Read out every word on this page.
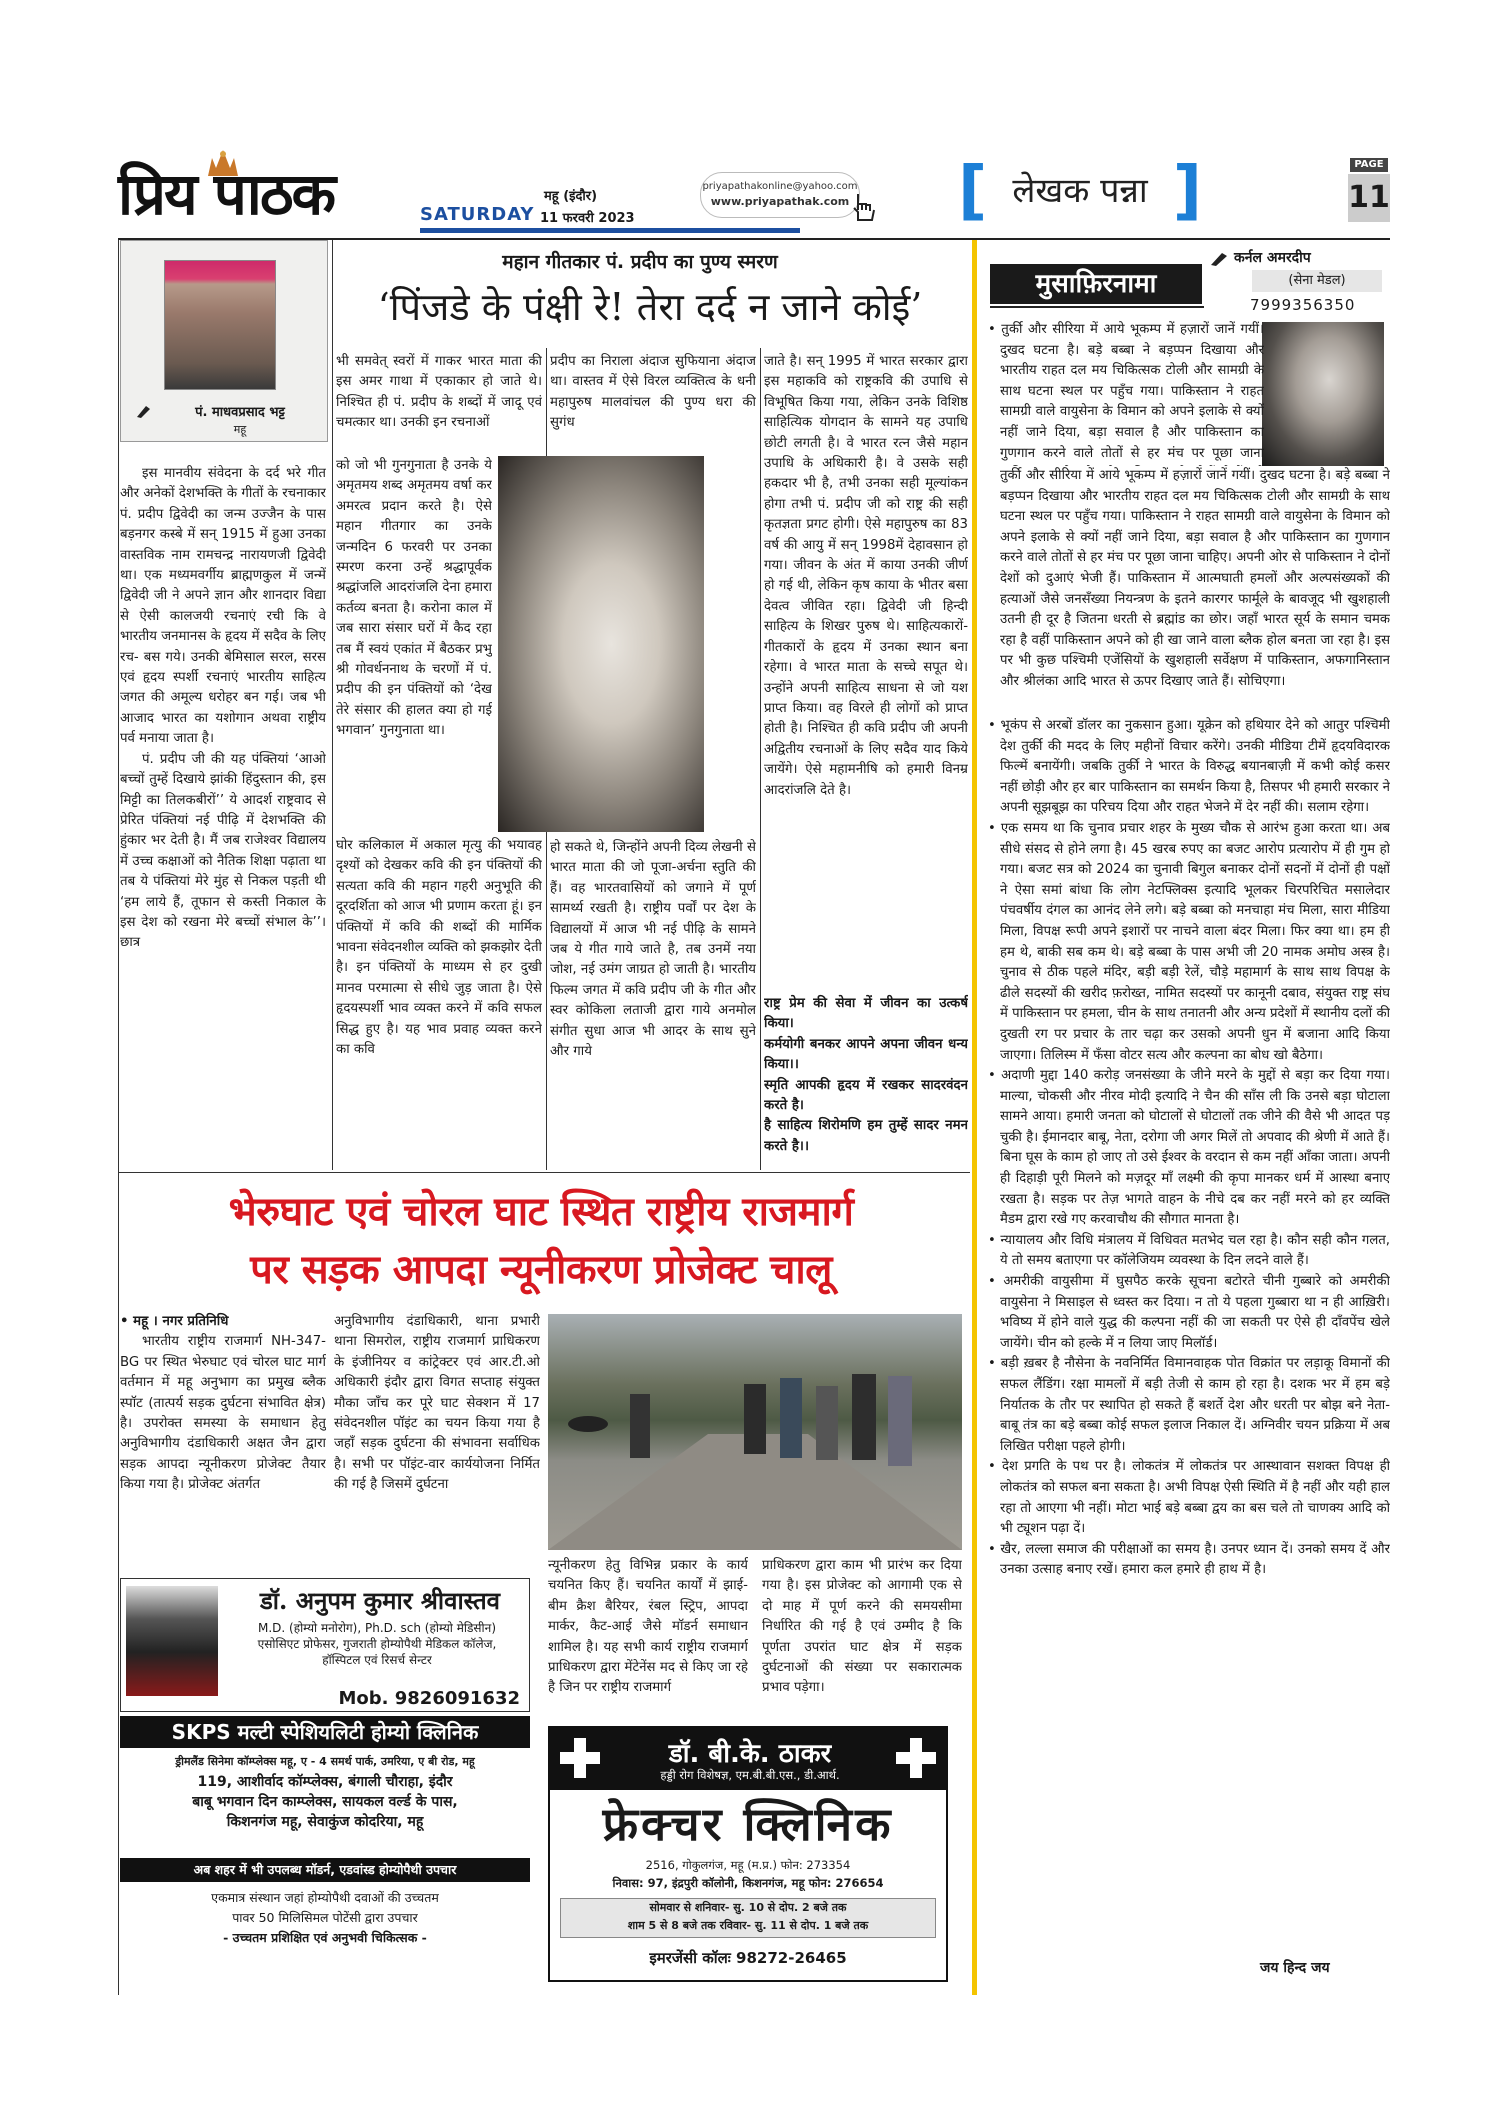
प्रिय पाठक	महू (इंदौर)
11 फरवरी 2023
SATURDAY
priyapathakonline@yahoo.com
www.priyapathak.com [ लेखक पन्ना ]	PAGE
11
पं. माधवप्रसाद भट्ट
महू
महान गीतकार पं. प्रदीप का पुण्य स्मरण
‘पिंजडे के पंक्षी रे! तेरा दर्द न जाने कोई’

इस मानवीय संवेदना के दर्द भरे गीत और अनेकों देशभक्ति के गीतों के रचनाकार पं. प्रदीप द्विवेदी का जन्म उज्जैन के पास बड़नगर कस्बे में सन् 1915 में हुआ उनका वास्तविक नाम रामचन्द्र नारायणजी द्विवेदी था। एक मध्यमवर्गीय ब्राह्मणकुल में जन्में द्विवेदी जी ने अपने ज्ञान और शानदार विद्या से ऐसी कालजयी रचनाएं रची कि वे भारतीय जनमानस के हृदय में सदैव के लिए रच- बस गये। उनकी बेमिसाल सरल, सरस एवं हृदय स्पर्शी रचनाएं भारतीय साहित्य जगत की अमूल्य धरोहर बन गई। जब भी आजाद भारत का यशोगान अथवा राष्ट्रीय पर्व मनाया जाता है।

पं. प्रदीप जी की यह पंक्तियां ‘आओ बच्चों तुम्हें दिखाये झांकी हिंदुस्तान की, इस मिट्टी का तिलकबीरों’’ ये आदर्श राष्ट्रवाद से प्रेरित पंक्तियां नई पीढ़ि में देशभक्ति की हुंकार भर देती है। मैं जब राजेश्वर विद्यालय में उच्च कक्षाओं को नैतिक शिक्षा पढ़ाता था तब ये पंक्तियां मेरे मुंह से निकल पड़ती थी ‘हम लाये हैं, तूफान से कस्ती निकाल के इस देश को रखना मेरे बच्चों संभाल के’’। छात्र

भी समवेत् स्वरों में गाकर भारत माता की इस अमर गाथा में एकाकार हो जाते थे। निश्चित ही पं. प्रदीप के शब्दों में जादू एवं चमत्कार था। उनकी इन रचनाओं
को जो भी गुनगुनाता है उनके ये अमृतमय शब्द अमृतमय वर्षा कर अमरत्व प्रदान करते है। ऐसे महान गीतगार का उनके जन्मदिन 6 फरवरी पर उनका स्मरण करना उन्हें श्रद्धापूर्वक श्रद्धांजलि आदरांजलि देना हमारा कर्तव्य बनता है। करोना काल में जब सारा संसार घरों में कैद रहा तब मैं स्वयं एकांत में बैठकर प्रभु श्री गोवर्धननाथ के चरणों में पं. प्रदीप की इन पंक्तियों को ‘देख तेरे संसार की हालत क्या हो गई भगवान’ गुनगुनाता था।
घोर कलिकाल में अकाल मृत्यु की भयावह दृश्यों को देखकर कवि की इन पंक्तियों की सत्यता कवि की महान गहरी अनुभूति की दूरदर्शिता को आज भी प्रणाम करता हूं। इन पंक्तियों में कवि की शब्दों की मार्मिक भावना संवेदनशील व्यक्ति को झकझोर देती है। इन पंक्तियों के माध्यम से हर दुखी मानव परमात्मा से सीधे जुड़ जाता है। ऐसे हृदयस्पर्शी भाव व्यक्त करने में कवि सफल सिद्ध हुए है। यह भाव प्रवाह व्यक्त करने का कवि
प्रदीप का निराला अंदाज सुफियाना अंदाज था। वास्तव में ऐसे विरल व्यक्तित्व के धनी महापुरुष मालवांचल की पुण्य धरा की सुगंध
हो सकते थे, जिन्होंने अपनी दिव्य लेखनी से भारत माता की जो पूजा-अर्चना स्तुति की हैं। वह भारतवासियों को जगाने में पूर्ण सामर्थ्य रखती है। राष्ट्रीय पर्वों पर देश के विद्यालयों में आज भी नई पीढ़ि के सामने जब ये गीत गाये जाते है, तब उनमें नया जोश, नई उमंग जाग्रत हो जाती है। भारतीय फिल्म जगत में कवि प्रदीप जी के गीत और स्वर कोकिला लताजी द्वारा गाये अनमोल संगीत सुधा आज भी आदर के साथ सुने और गाये
जाते है। सन् 1995 में भारत सरकार द्वारा इस महाकवि को राष्ट्रकवि की उपाधि से विभूषित किया गया, लेकिन उनके विशिष्ठ साहित्यिक योगदान के सामने यह उपाधि छोटी लगती है। वे भारत रत्न जैसे महान उपाधि के अधिकारी है। वे उसके सही हकदार भी है, तभी उनका सही मूल्यांकन होगा तभी पं. प्रदीप जी को राष्ट्र की सही कृतज्ञता प्रगट होगी। ऐसे महापुरुष का 83 वर्ष की आयु में सन् 1998में देहावसान हो गया। जीवन के अंत में काया उनकी जीर्ण हो गई थी, लेकिन कृष काया के भीतर बसा देवत्व जीवित रहा। द्विवेदी जी हिन्दी साहित्य के शिखर पुरुष थे। साहित्यकारों- गीतकारों के हृदय में उनका स्थान बना रहेगा। वे भारत माता के सच्चे सपूत थे। उन्होंने अपनी साहित्य साधना से जो यश प्राप्त किया। वह विरले ही लोगों को प्राप्त होती है। निश्चित ही कवि प्रदीप जी अपनी अद्वितीय रचनाओं के लिए सदैव याद किये जायेंगे। ऐसे महामनीषि को हमारी विनम्र आदरांजलि देते है।

राष्ट्र प्रेम की सेवा में जीवन का उत्कर्ष किया।

कर्मयोगी बनकर आपने अपना जीवन धन्य किया।।

स्मृति आपकी हृदय में रखकर सादरवंदन करते है।

है साहित्य शिरोमणि हम तुम्हें सादर नमन करते है।।

भेरुघाट एवं चोरल घाट स्थित राष्ट्रीय राजमार्ग
पर सड़क आपदा न्यूनीकरण प्रोजेक्ट चालू

• महू । नगर प्रतिनिधि

भारतीय राष्ट्रीय राजमार्ग NH-347-BG पर स्थित भेरुघाट एवं चोरल घाट मार्ग वर्तमान में महू अनुभाग का प्रमुख ब्लैक स्पॉट (तात्पर्य सड़क दुर्घटना संभावित क्षेत्र) है। उपरोक्त समस्या के समाधान हेतु अनुविभागीय दंडाधिकारी अक्षत जैन द्वारा सड़क आपदा न्यूनीकरण प्रोजेक्ट तैयार किया गया है। प्रोजेक्ट अंतर्गत

अनुविभागीय दंडाधिकारी, थाना प्रभारी थाना सिमरोल, राष्ट्रीय राजमार्ग प्राधिकरण के इंजीनियर व कांट्रेक्टर एवं आर.टी.ओ अधिकारी इंदौर द्वारा विगत सप्ताह संयुक्त मौका जाँच कर पूरे घाट सेक्शन में 17 संवेदनशील पॉइंट का चयन किया गया है जहाँ सड़क दुर्घटना की संभावना सर्वाधिक है। सभी पर पॉइंट-वार कार्ययोजना निर्मित की गई है जिसमें दुर्घटना
न्यूनीकरण हेतु विभिन्न प्रकार के कार्य चयनित किए हैं। चयनित कार्यों में झाई-बीम क्रैश बैरियर, रंबल स्ट्रिप, आपदा मार्कर, कैट-आई जैसे मॉडर्न समाधान शामिल है। यह सभी कार्य राष्ट्रीय राजमार्ग प्राधिकरण द्वारा मेंटेनेंस मद से किए जा रहे है जिन पर राष्ट्रीय राजमार्ग
प्राधिकरण द्वारा काम भी प्रारंभ कर दिया गया है। इस प्रोजेक्ट को आगामी एक से दो माह में पूर्ण करने की समयसीमा निर्धारित की गई है एवं उम्मीद है कि पूर्णता उपरांत घाट क्षेत्र में सड़क दुर्घटनाओं की संख्या पर सकारात्मक प्रभाव पड़ेगा।
डॉ. अनुपम कुमार श्रीवास्तव
M.D. (होम्यो मनोरोग), Ph.D. sch (होम्यो मेडिसीन)
एसोसिएट प्रोफेसर, गुजराती होम्योपैथी मेडिकल कॉलेज, हॉस्पिटल एवं रिसर्च सेन्टर
Mob. 9826091632
SKPS मल्टी स्पेशियलिटी होम्यो क्लिनिक
ड्रीमलैंड सिनेमा कॉम्प्लेक्स महू, ए - 4 समर्थ पार्क, उमरिया, ए बी रोड, महू
119, आशीर्वाद कॉम्प्लेक्स, बंगाली चौराहा, इंदौर
बाबू भगवान दिन काम्प्लेक्स, सायकल वर्ल्ड के पास,
किशनगंज महू, सेवाकुंज कोदरिया, महू
अब शहर में भी उपलब्ध मॉडर्न, एडवांस्ड होम्योपैथी उपचार
एकमात्र संस्थान जहां होम्योपैथी दवाओं की उच्चतम
पावर 50 मिलिसिमल पोटेंसी द्वारा उपचार
- उच्चतम प्रशिक्षित एवं अनुभवी चिकित्सक -
डॉ. बी.के. ठाकर
हड्डी रोग विशेषज्ञ, एम.बी.बी.एस., डी.आर्थ.
फ्रेक्चर क्लिनिक
2516, गोकुलगंज, महू (म.प्र.) फोन: 273354
निवास: 97, इंद्रपुरी कॉलोनी, किशनगंज, महू फोन: 276654
सोमवार से शनिवार- सु. 10 से दोप. 2 बजे तक
शाम 5 से 8 बजे तक रविवार- सु. 11 से दोप. 1 बजे तक
इमरजेंसी कॉलः 98272-26465
मुसाफ़िरनामा
कर्नल अमरदीप
(सेना मेडल)
7999356350
• तुर्की और सीरिया में आये भूकम्प में हज़ारों जानें गयीं। दुखद घटना है। बड़े बब्बा ने बड़प्पन दिखाया और भारतीय राहत दल मय चिकित्सक टोली और सामग्री के साथ घटना स्थल पर पहुँच गया। पाकिस्तान ने राहत सामग्री वाले वायुसेना के विमान को अपने इलाके से क्यों नहीं जाने दिया, बड़ा सवाल है और पाकिस्तान का गुणगान करने वाले तोतों से हर मंच पर पूछा जाना
तुर्की और सीरिया में आये भूकम्प में हज़ारों जानें गयीं। दुखद घटना है। बड़े बब्बा ने बड़प्पन दिखाया और भारतीय राहत दल मय चिकित्सक टोली और सामग्री के साथ घटना स्थल पर पहुँच गया। पाकिस्तान ने राहत सामग्री वाले वायुसेना के विमान को अपने इलाके से क्यों नहीं जाने दिया, बड़ा सवाल है और पाकिस्तान का गुणगान करने वाले तोतों से हर मंच पर पूछा जाना चाहिए। अपनी ओर से पाकिस्तान ने दोनों देशों को दुआएं भेजी हैं। पाकिस्तान में आत्मघाती हमलों और अल्पसंख्यकों की हत्याओं जैसे जनसँख्या नियन्त्रण के इतने कारगर फार्मूले के बावजूद भी खुशहाली उतनी ही दूर है जितना धरती से ब्रह्मांड का छोर। जहाँ भारत सूर्य के समान चमक रहा है वहीं पाकिस्तान अपने को ही खा जाने वाला ब्लैक होल बनता जा रहा है। इस पर भी कुछ पश्चिमी एजेंसियों के खुशहाली सर्वेक्षण में पाकिस्तान, अफगानिस्तान और श्रीलंका आदि भारत से ऊपर दिखाए जाते हैं। सोचिएगा।
• भूकंप से अरबों डॉलर का नुकसान हुआ। यूक्रेन को हथियार देने को आतुर पश्चिमी देश तुर्की की मदद के लिए महीनों विचार करेंगे। उनकी मीडिया टीमें हृदयविदारक फिल्में बनायेंगी। जबकि तुर्की ने भारत के विरुद्ध बयानबाज़ी में कभी कोई कसर नहीं छोड़ी और हर बार पाकिस्तान का समर्थन किया है, तिसपर भी हमारी सरकार ने अपनी सूझबूझ का परिचय दिया और राहत भेजने में देर नहीं की। सलाम रहेगा।
• एक समय था कि चुनाव प्रचार शहर के मुख्य चौक से आरंभ हुआ करता था। अब सीधे संसद से होने लगा है। 45 खरब रुपए का बजट आरोप प्रत्यारोप में ही गुम हो गया। बजट सत्र को 2024 का चुनावी बिगुल बनाकर दोनों सदनों में दोनों ही पक्षों ने ऐसा समां बांधा कि लोग नेटफ्लिक्स इत्यादि भूलकर चिरपरिचित मसालेदार पंचवर्षीय दंगल का आनंद लेने लगे। बड़े बब्बा को मनचाहा मंच मिला, सारा मीडिया मिला, विपक्ष रूपी अपने इशारों पर नाचने वाला बंदर मिला। फिर क्या था। हम ही हम थे, बाकी सब कम थे। बड़े बब्बा के पास अभी जी 20 नामक अमोघ अस्त्र है। चुनाव से ठीक पहले मंदिर, बड़ी बड़ी रेलें, चौड़े महामार्ग के साथ साथ विपक्ष के ढीले सदस्यों की खरीद फ़रोख्त, नामित सदस्यों पर कानूनी दबाव, संयुक्त राष्ट्र संघ में पाकिस्तान पर हमला, चीन के साथ तनातनी और अन्य प्रदेशों में स्थानीय दलों की दुखती रग पर प्रचार के तार चढ़ा कर उसको अपनी धुन में बजाना आदि किया जाएगा। तिलिस्म में फँसा वोटर सत्य और कल्पना का बोध खो बैठेगा।
• अदाणी मुद्दा 140 करोड़ जनसंख्या के जीने मरने के मुद्दों से बड़ा कर दिया गया। माल्या, चोकसी और नीरव मोदी इत्यादि ने चैन की साँस ली कि उनसे बड़ा घोटाला सामने आया। हमारी जनता को घोटालों से घोटालों तक जीने की वैसे भी आदत पड़ चुकी है। ईमानदार बाबू, नेता, दरोगा जी अगर मिलें तो अपवाद की श्रेणी में आते हैं। बिना घूस के काम हो जाए तो उसे ईश्वर के वरदान से कम नहीं आँका जाता। अपनी ही दिहाड़ी पूरी मिलने को मज़दूर माँ लक्ष्मी की कृपा मानकर धर्म में आस्था बनाए रखता है। सड़क पर तेज़ भागते वाहन के नीचे दब कर नहीं मरने को हर व्यक्ति मैडम द्वारा रखे गए करवाचौथ की सौगात मानता है।
• न्यायालय और विधि मंत्रालय में विधिवत मतभेद चल रहा है। कौन सही कौन गलत, ये तो समय बताएगा पर कॉलेजियम व्यवस्था के दिन लदने वाले हैं।
• अमरीकी वायुसीमा में घुसपैठ करके सूचना बटोरते चीनी गुब्बारे को अमरीकी वायुसेना ने मिसाइल से ध्वस्त कर दिया। न तो ये पहला गुब्बारा था न ही आख़िरी। भविष्य में होने वाले युद्ध की कल्पना नहीं की जा सकती पर ऐसे ही दाँवपेंच खेले जायेंगे। चीन को हल्के में न लिया जाए मिलॉर्ड।
• बड़ी ख़बर है नौसेना के नवनिर्मित विमानवाहक पोत विक्रांत पर लड़ाकू विमानों की सफल लैंडिंग। रक्षा मामलों में बड़ी तेजी से काम हो रहा है। दशक भर में हम बड़े निर्यातक के तौर पर स्थापित हो सकते हैं बशर्ते देश और धरती पर बोझ बने नेता-बाबू तंत्र का बड़े बब्बा कोई सफल इलाज निकाल दें। अग्निवीर चयन प्रक्रिया में अब लिखित परीक्षा पहले होगी।
• देश प्रगति के पथ पर है। लोकतंत्र में लोकतंत्र पर आस्थावान सशक्त विपक्ष ही लोकतंत्र को सफल बना सकता है। अभी विपक्ष ऐसी स्थिति में है नहीं और यही हाल रहा तो आएगा भी नहीं। मोटा भाई बड़े बब्बा द्वय का बस चले तो चाणक्य आदि को भी ट्यूशन पढ़ा दें।
• खैर, लल्ला समाज की परीक्षाओं का समय है। उनपर ध्यान दें। उनको समय दें और उनका उत्साह बनाए रखें। हमारा कल हमारे ही हाथ में है।
जय हिन्द जय
